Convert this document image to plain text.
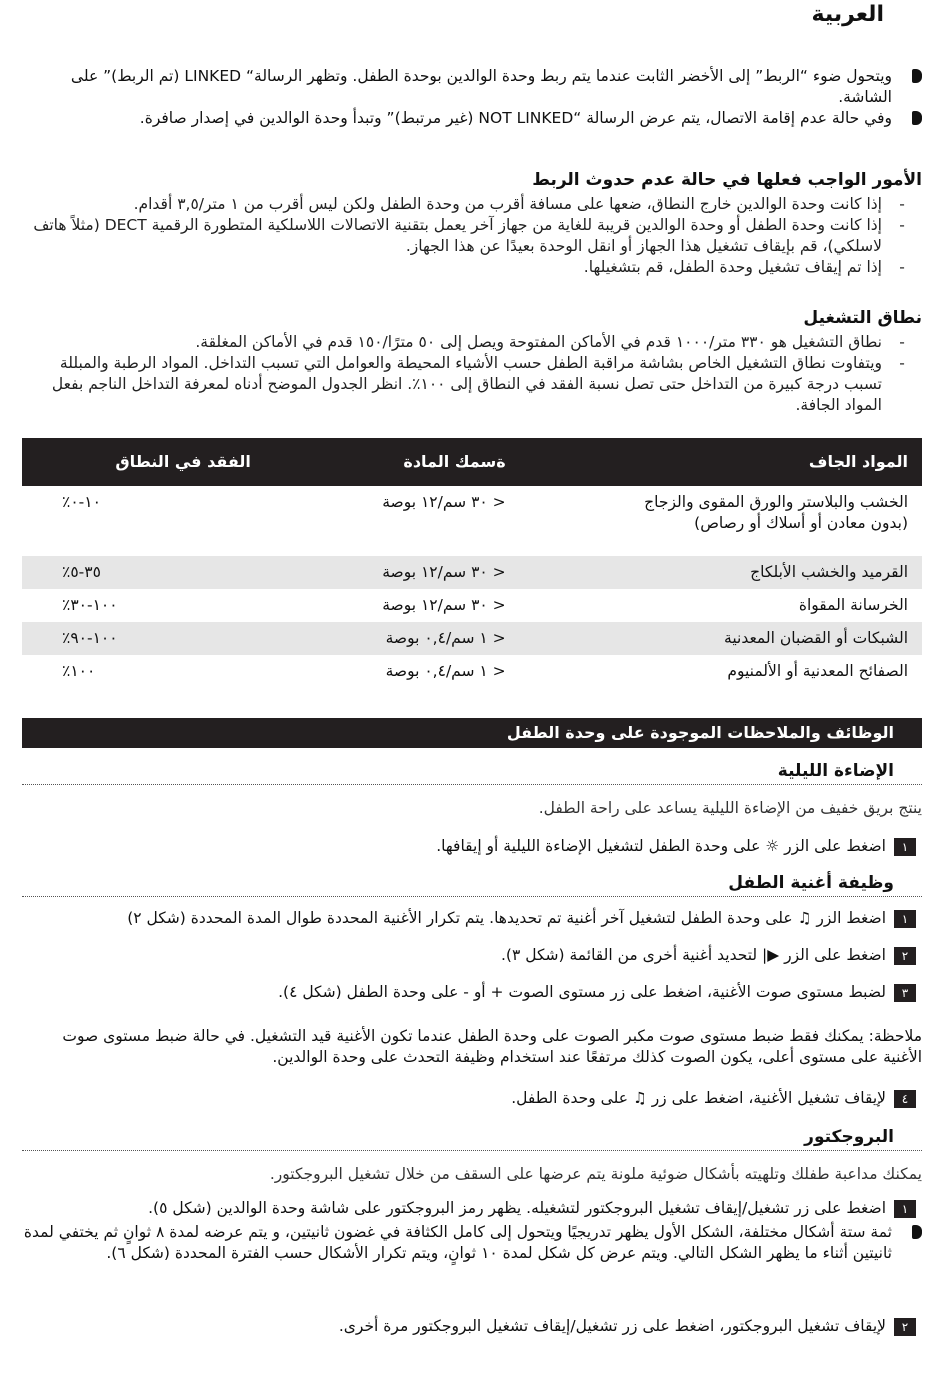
العربية
ويتحول ضوء “الربط” إلى الأخضر الثابت عندما يتم ربط وحدة الوالدين بوحدة الطفل. وتظهر الرسالة“ LINKED (تم الربط)” على الشاشة.
وفي حالة عدم إقامة الاتصال، يتم عرض الرسالة “NOT LINKED (غير مرتبط)” وتبدأ وحدة الوالدين في إصدار صافرة.
الأمور الواجب فعلها في حالة عدم حدوث الربط
-
إذا كانت وحدة الوالدين خارج النطاق، ضعها على مسافة أقرب من وحدة الطفل ولكن ليس أقرب من ١ متر/٣,٥ أقدام.
-
إذا كانت وحدة الطفل أو وحدة الوالدين قريبة للغاية من جهاز آخر يعمل بتقنية الاتصالات اللاسلكية المتطورة الرقمية DECT (مثلاً هاتف لاسلكي)، قم بإيقاف تشغيل هذا الجهاز أو انقل الوحدة بعيدًا عن هذا الجهاز.
-
إذا تم إيقاف تشغيل وحدة الطفل، قم بتشغيلها.
نطاق التشغيل
-
نطاق التشغيل هو ٣٣٠ متر/١٠٠٠ قدم في الأماكن المفتوحة ويصل إلى ٥٠ مترًا/١٥٠ قدم في الأماكن المغلقة.
-
ويتفاوت نطاق التشغيل الخاص بشاشة مراقبة الطفل حسب الأشياء المحيطة والعوامل التي تسبب التداخل. المواد الرطبة والمبللة تسبب درجة كبيرة من التداخل حتى تصل نسبة الفقد في النطاق إلى ١٠٠٪. انظر الجدول الموضح أدناه لمعرفة التداخل الناجم بفعل المواد الجافة.
المواد الجاف	ةسمك المادة	الفقد في النطاق

الخشب والبلاستر والورق المقوى والزجاج
(بدون معادن أو أسلاك أو رصاص)	< ٣٠ سم/١٢ بوصة	٪١٠-٠
القرميد والخشب الأبلكاج	< ٣٠ سم/١٢ بوصة	٪٣٥-٥
الخرسانة المقواة	< ٣٠ سم/١٢ بوصة	٪١٠٠-٣٠
الشبكات أو القضبان المعدنية	< ١ سم/٠,٤ بوصة	٪١٠٠-٩٠
الصفائح المعدنية أو الألمنيوم	< ١ سم/٠,٤ بوصة	٪١٠٠
الوظائف والملاحظات الموجودة على وحدة الطفل
الإضاءة الليلية
ينتج بريق خفيف من الإضاءة الليلية يساعد على راحة الطفل.
١
اضغط على الزر ☼ على وحدة الطفل لتشغيل الإضاءة الليلية أو إيقافها.
وظيفة أغنية الطفل
١
اضغط الزر ♫ على وحدة الطفل لتشغيل آخر أغنية تم تحديدها. يتم تكرار الأغنية المحددة طوال المدة المحددة (شكل ٢)
٢
اضغط على الزر ▶| لتحديد أغنية أخرى من القائمة (شكل ٣).
٣
لضبط مستوى صوت الأغنية، اضغط على زر مستوى الصوت + أو - على وحدة الطفل (شكل ٤).
ملاحظة: يمكنك فقط ضبط مستوى صوت مكبر الصوت على وحدة الطفل عندما تكون الأغنية قيد التشغيل. في حالة ضبط مستوى صوت الأغنية على مستوى أعلى، يكون الصوت كذلك مرتفعًا عند استخدام وظيفة التحدث على وحدة الوالدين.
٤
لإيقاف تشغيل الأغنية، اضغط على زر ♫ على وحدة الطفل.
البروجكتور
يمكنك مداعبة طفلك وتلهيته بأشكال ضوئية ملونة يتم عرضها على السقف من خلال تشغيل البروجكتور.
١
اضغط على زر تشغيل/إيقاف تشغيل البروجكتور لتشغيله. يظهر رمز البروجكتور على شاشة وحدة الوالدين (شكل ٥).
ثمة ستة أشكال مختلفة، الشكل الأول يظهر تدريجيًا ويتحول إلى كامل الكثافة في غضون ثانيتين، و يتم عرضه لمدة ٨ ثوانٍ ثم يختفي لمدة ثانيتين أثناء ما يظهر الشكل التالي. ويتم عرض كل شكل لمدة ١٠ ثوانٍ، ويتم تكرار الأشكال حسب الفترة المحددة (شكل ٦).
٢
لإيقاف تشغيل البروجكتور، اضغط على زر تشغيل/إيقاف تشغيل البروجكتور مرة أخرى.
